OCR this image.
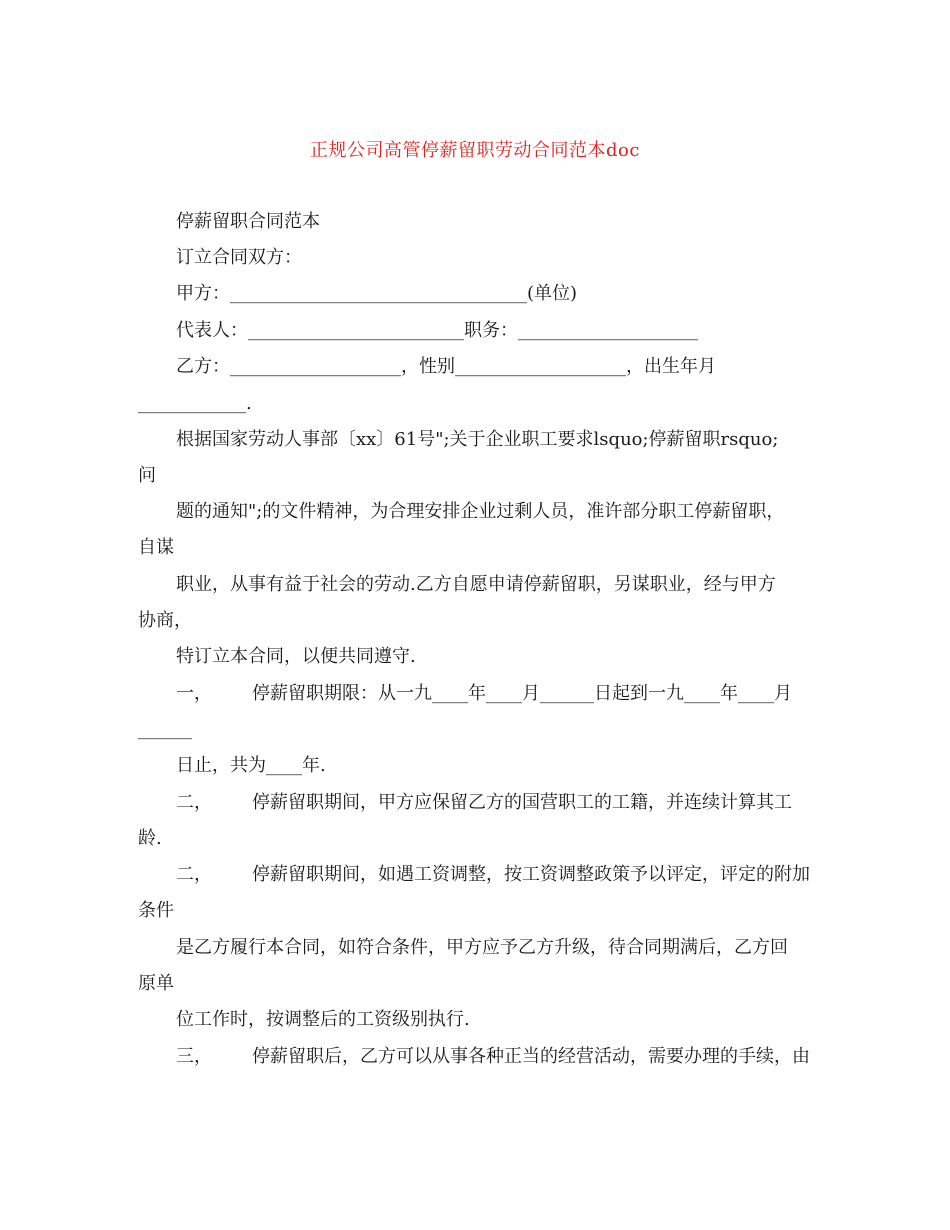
正规公司高管停薪留职劳动合同范本doc
停薪留职合同范本
订立合同双方：
甲方：_________________________________(单位)
代表人：________________________职务：____________________
乙方：___________________，性别___________________，出生年月
____________.
根据国家劳动人事部〔xx〕61号";关于企业职工要求lsquo;停薪留职rsquo;
问
题的通知";的文件精神，为合理安排企业过剩人员，准许部分职工停薪留职，
自谋
职业，从事有益于社会的劳动.乙方自愿申请停薪留职，另谋职业，经与甲方
协商，
特订立本合同，以便共同遵守.
一， 停薪留职期限：从一九____年____月______日起到一九____年____月
______
日止，共为____年.
二， 停薪留职期间，甲方应保留乙方的国营职工的工籍，并连续计算其工
龄.
二， 停薪留职期间，如遇工资调整，按工资调整政策予以评定，评定的附加
条件
是乙方履行本合同，如符合条件，甲方应予乙方升级，待合同期满后，乙方回
原单
位工作时，按调整后的工资级别执行.
三， 停薪留职后，乙方可以从事各种正当的经营活动，需要办理的手续，由
